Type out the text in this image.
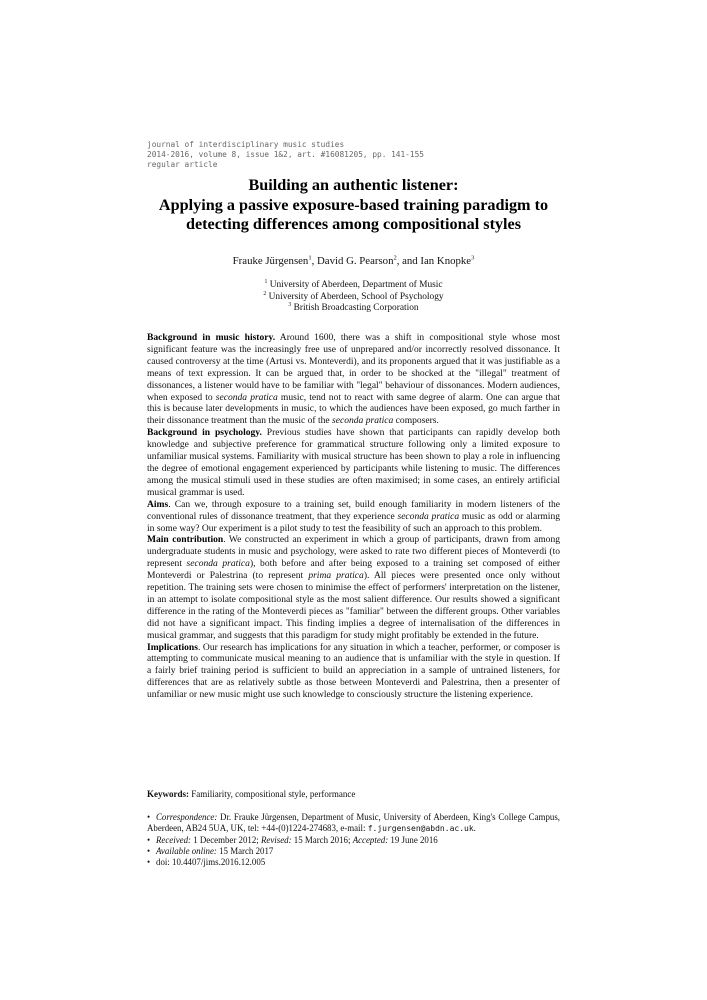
journal of interdisciplinary music studies
2014-2016, volume 8, issue 1&2, art. #16081205, pp. 141-155
regular article
Building an authentic listener:
Applying a passive exposure-based training paradigm to
detecting differences among compositional styles
Frauke Jürgensen$^1$, David G. Pearson$^2$, and Ian Knopke$^3$
$^1$ University of Aberdeen, Department of Music
$^2$ University of Aberdeen, School of Psychology
$^3$ British Broadcasting Corporation

Background in music history. Around 1600, there was a shift in compositional style whose most significant feature was the increasingly free use of unprepared and/or incorrectly resolved dissonance. It caused controversy at the time (Artusi vs. Monteverdi), and its proponents argued that it was justifiable as a means of text expression. It can be argued that, in order to be shocked at the "illegal" treatment of dissonances, a listener would have to be familiar with "legal" behaviour of dissonances. Modern audiences, when exposed to seconda pratica music, tend not to react with same degree of alarm. One can argue that this is because later developments in music, to which the audiences have been exposed, go much farther in their dissonance treatment than the music of the seconda pratica composers.

Background in psychology. Previous studies have shown that participants can rapidly develop both knowledge and subjective preference for grammatical structure following only a limited exposure to unfamiliar musical systems. Familiarity with musical structure has been shown to play a role in influencing the degree of emotional engagement experienced by participants while listening to music. The differences among the musical stimuli used in these studies are often maximised; in some cases, an entirely artificial musical grammar is used.

Aims. Can we, through exposure to a training set, build enough familiarity in modern listeners of the conventional rules of dissonance treatment, that they experience seconda pratica music as odd or alarming in some way? Our experiment is a pilot study to test the feasibility of such an approach to this problem.

Main contribution. We constructed an experiment in which a group of participants, drawn from among undergraduate students in music and psychology, were asked to rate two different pieces of Monteverdi (to represent seconda pratica), both before and after being exposed to a training set composed of either Monteverdi or Palestrina (to represent prima pratica). All pieces were presented once only without repetition. The training sets were chosen to minimise the effect of performers' interpretation on the listener, in an attempt to isolate compositional style as the most salient difference. Our results showed a significant difference in the rating of the Monteverdi pieces as "familiar" between the different groups. Other variables did not have a significant impact. This finding implies a degree of internalisation of the differences in musical grammar, and suggests that this paradigm for study might profitably be extended in the future.

Implications. Our research has implications for any situation in which a teacher, performer, or composer is attempting to communicate musical meaning to an audience that is unfamiliar with the style in question. If a fairly brief training period is sufficient to build an appreciation in a sample of untrained listeners, for differences that are as relatively subtle as those between Monteverdi and Palestrina, then a presenter of unfamiliar or new music might use such knowledge to consciously structure the listening experience.

Keywords: Familiarity, compositional style, performance

• Correspondence: Dr. Frauke Jürgensen, Department of Music, University of Aberdeen, King's College Campus, Aberdeen, AB24 5UA, UK, tel: +44-(0)1224-274683, e-mail: f.jurgensen@abdn.ac.uk.

• Received: 1 December 2012; Revised: 15 March 2016; Accepted: 19 June 2016

• Available online: 15 March 2017

• doi: 10.4407/jims.2016.12.005
